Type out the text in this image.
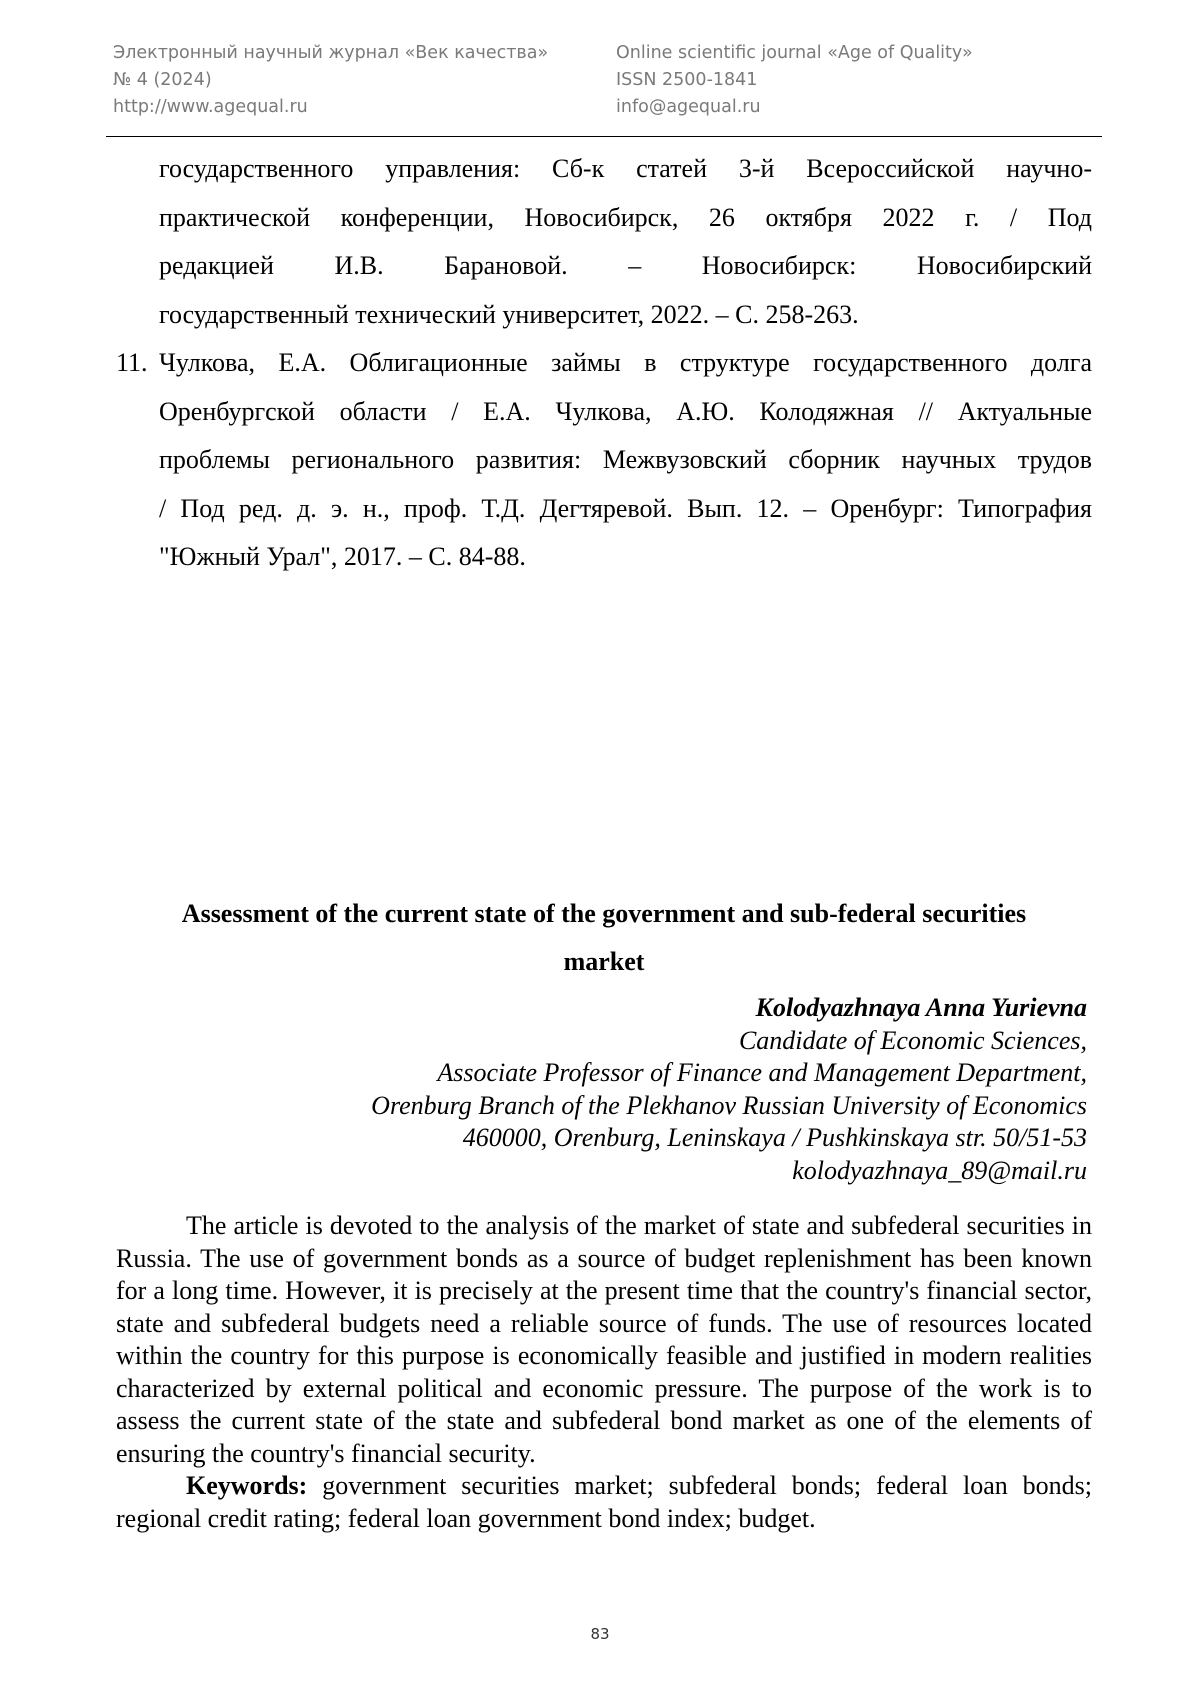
Электронный научный журнал «Век качества»
№ 4 (2024)
http://www.agequal.ru
Online scientific journal «Age of Quality»
ISSN 2500-1841
info@agequal.ru
государственного управления: Сб-к статей 3-й Всероссийской научно-
практической конференции, Новосибирск, 26 октября 2022 г. / Под
редакцией И.В. Барановой. – Новосибирск: Новосибирский
государственный технический университет, 2022. – С. 258-263.
11. Чулкова, Е.А. Облигационные займы в структуре государственного долга
Оренбургской области / Е.А. Чулкова, А.Ю. Колодяжная // Актуальные
проблемы регионального развития: Межвузовский сборник научных трудов
/ Под ред. д. э. н., проф. Т.Д. Дегтяревой. Вып. 12. – Оренбург: Типография
"Южный Урал", 2017. – С. 84-88.
Assessment of the current state of the government and sub-federal securities
market
Kolodyazhnaya Anna Yurievna
Candidate of Economic Sciences,
Associate Professor of Finance and Management Department,
Orenburg Branch of the Plekhanov Russian University of Economics
460000, Orenburg, Leninskaya / Pushkinskaya str. 50/51-53
kolodyazhnaya_89@mail.ru

The article is devoted to the analysis of the market of state and subfederal securities in Russia. The use of government bonds as a source of budget replenishment has been known for a long time. However, it is precisely at the present time that the country's financial sector, state and subfederal budgets need a reliable source of funds. The use of resources located within the country for this purpose is economically feasible and justified in modern realities characterized by external political and economic pressure. The purpose of the work is to assess the current state of the state and subfederal bond market as one of the elements of ensuring the country's financial security.

Keywords: government securities market; subfederal bonds; federal loan bonds; regional credit rating; federal loan government bond index; budget.

83
